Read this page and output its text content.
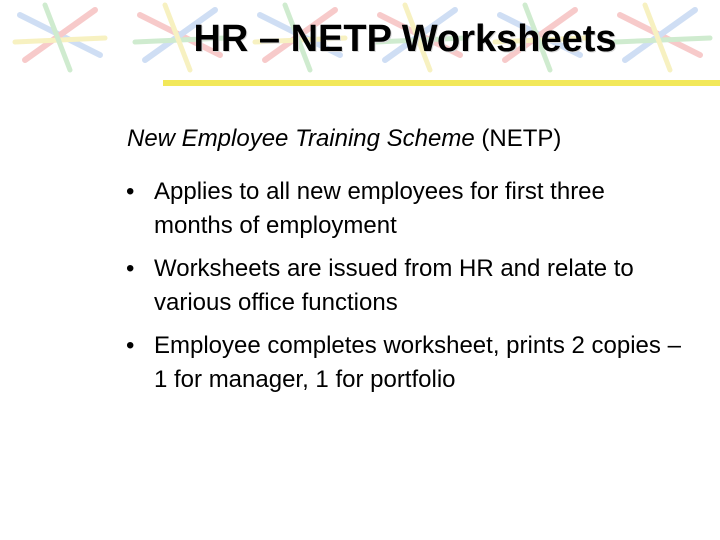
HR – NETP Worksheets

New Employee Training Scheme (NETP)

• Applies to all new employees for first three months of employment
• Worksheets are issued from HR and relate to various office functions
• Employee completes worksheet, prints 2 copies – 1 for manager, 1 for portfolio
